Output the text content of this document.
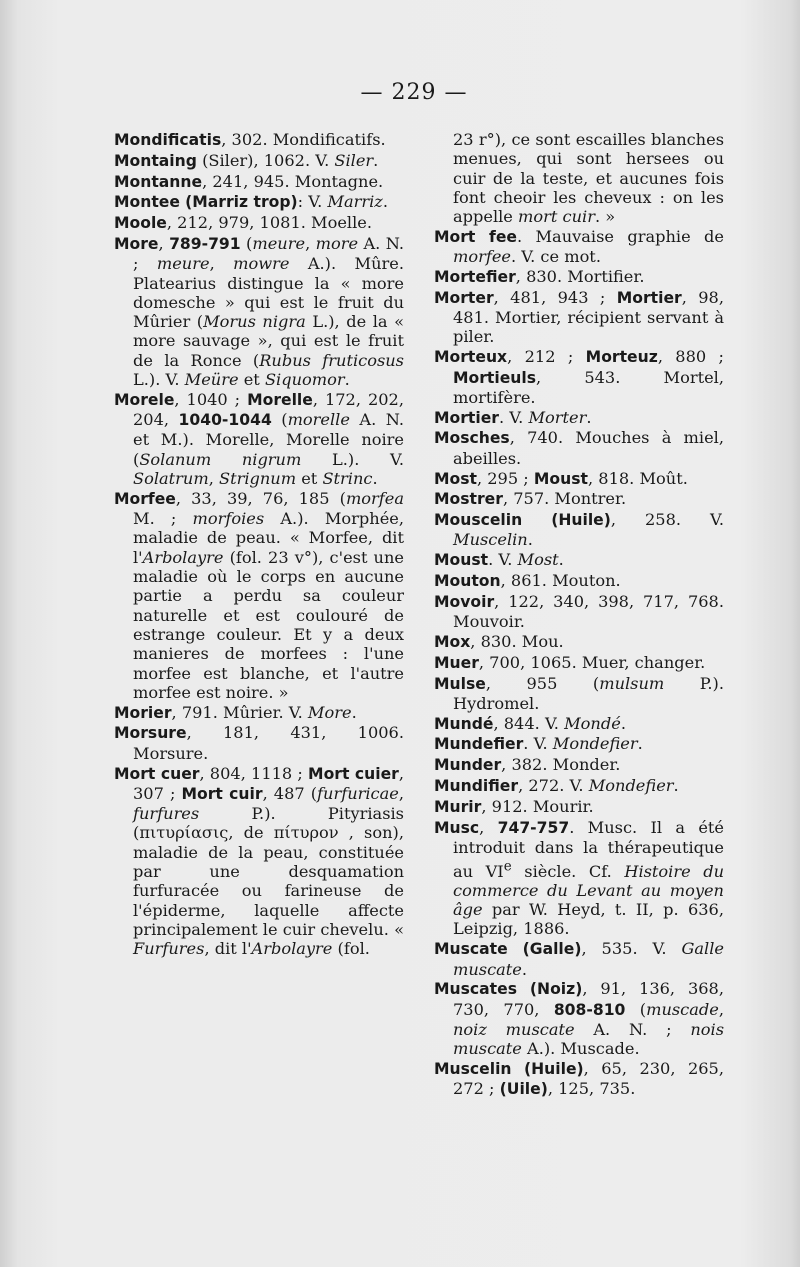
— 229 —

Mondificatis, 302. Mondificatifs.

Montaing (Siler), 1062. V. Siler.

Montanne, 241, 945. Montagne.

Montee (Marriz trop): V. Marriz.

Moole, 212, 979, 1081. Moelle.

More, 789-791 (meure, more A. N. ; meure, mowre A.). Mûre. Platearius distingue la « more domesche » qui est le fruit du Mûrier (Morus nigra L.), de la « more sauvage », qui est le fruit de la Ronce (Rubus fruticosus L.). V. Meüre et Siquomor.

Morele, 1040 ; Morelle, 172, 202, 204, 1040-1044 (morelle A. N. et M.). Morelle, Morelle noire (Solanum nigrum L.). V. Solatrum, Strignum et Strinc.

Morfee, 33, 39, 76, 185 (morfea M. ; morfoies A.). Morphée, maladie de peau. « Morfee, dit l'Arbolayre (fol. 23 v°), c'est une maladie où le corps en aucune partie a perdu sa couleur naturelle et est coulouré de estrange couleur. Et y a deux manieres de morfees : l'une morfee est blanche, et l'autre morfee est noire. »

Morier, 791. Mûrier. V. More.

Morsure, 181, 431, 1006. Morsure.

Mort cuer, 804, 1118 ; Mort cuier, 307 ; Mort cuir, 487 (furfuricae, furfures P.). Pityriasis (πιτυρίασις, de πίτυρον , son), maladie de la peau, constituée par une desquamation furfuracée ou farineuse de l'épiderme, laquelle affecte principalement le cuir chevelu. « Furfures, dit l'Arbolayre (fol.

23 r°), ce sont escailles blanches menues, qui sont hersees ou cuir de la teste, et aucunes fois font cheoir les cheveux : on les appelle mort cuir. »

Mort fee. Mauvaise graphie de morfee. V. ce mot.

Mortefier, 830. Mortifier.

Morter, 481, 943 ; Mortier, 98, 481. Mortier, récipient servant à piler.

Morteux, 212 ; Morteuz, 880 ; Mortieuls, 543. Mortel, mortifère.

Mortier. V. Morter.

Mosches, 740. Mouches à miel, abeilles.

Most, 295 ; Moust, 818. Moût.

Mostrer, 757. Montrer.

Mouscelin (Huile), 258. V. Muscelin.

Moust. V. Most.

Mouton, 861. Mouton.

Movoir, 122, 340, 398, 717, 768. Mouvoir.

Mox, 830. Mou.

Muer, 700, 1065. Muer, changer.

Mulse, 955 (mulsum P.). Hydromel.

Mundé, 844. V. Mondé.

Mundefier. V. Mondefier.

Munder, 382. Monder.

Mundifier, 272. V. Mondefier.

Murir, 912. Mourir.

Musc, 747-757. Musc. Il a été introduit dans la thérapeutique au VIe siècle. Cf. Histoire du commerce du Levant au moyen âge par W. Heyd, t. II, p. 636, Leipzig, 1886.

Muscate (Galle), 535. V. Galle muscate.

Muscates (Noiz), 91, 136, 368, 730, 770, 808-810 (muscade, noiz muscate A. N. ; nois muscate A.). Muscade.

Muscelin (Huile), 65, 230, 265, 272 ; (Uile), 125, 735.
